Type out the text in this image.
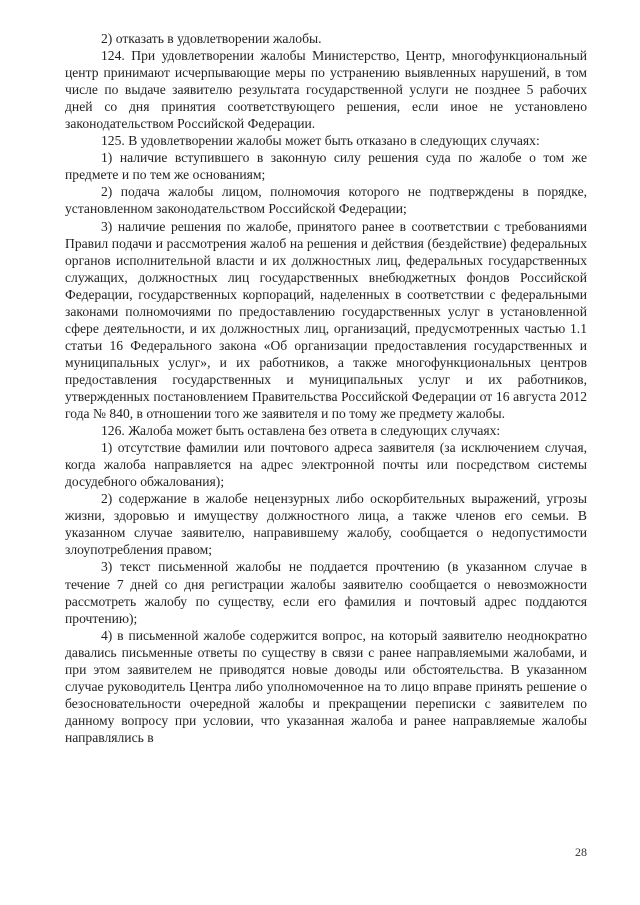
2) отказать в удовлетворении жалобы.

124. При удовлетворении жалобы Министерство, Центр, многофункциональный центр принимают исчерпывающие меры по устранению выявленных нарушений, в том числе по выдаче заявителю результата государственной услуги не позднее 5 рабочих дней со дня принятия соответствующего решения, если иное не установлено законодательством Российской Федерации.

125. В удовлетворении жалобы может быть отказано в следующих случаях:

1) наличие вступившего в законную силу решения суда по жалобе о том же предмете и по тем же основаниям;

2) подача жалобы лицом, полномочия которого не подтверждены в порядке, установленном законодательством Российской Федерации;

3) наличие решения по жалобе, принятого ранее в соответствии с требованиями Правил подачи и рассмотрения жалоб на решения и действия (бездействие) федеральных органов исполнительной власти и их должностных лиц, федеральных государственных служащих, должностных лиц государственных внебюджетных фондов Российской Федерации, государственных корпораций, наделенных в соответствии с федеральными законами полномочиями по предоставлению государственных услуг в установленной сфере деятельности, и их должностных лиц, организаций, предусмотренных частью 1.1 статьи 16 Федерального закона «Об организации предоставления государственных и муниципальных услуг», и их работников, а также многофункциональных центров предоставления государственных и муниципальных услуг и их работников, утвержденных постановлением Правительства Российской Федерации от 16 августа 2012 года № 840, в отношении того же заявителя и по тому же предмету жалобы.

126. Жалоба может быть оставлена без ответа в следующих случаях:

1) отсутствие фамилии или почтового адреса заявителя (за исключением случая, когда жалоба направляется на адрес электронной почты или посредством системы досудебного обжалования);

2) содержание в жалобе нецензурных либо оскорбительных выражений, угрозы жизни, здоровью и имуществу должностного лица, а также членов его семьи. В указанном случае заявителю, направившему жалобу, сообщается о недопустимости злоупотребления правом;

3) текст письменной жалобы не поддается прочтению (в указанном случае в течение 7 дней со дня регистрации жалобы заявителю сообщается о невозможности рассмотреть жалобу по существу, если его фамилия и почтовый адрес поддаются прочтению);

4) в письменной жалобе содержится вопрос, на который заявителю неоднократно давались письменные ответы по существу в связи с ранее направляемыми жалобами, и при этом заявителем не приводятся новые доводы или обстоятельства. В указанном случае руководитель Центра либо уполномоченное на то лицо вправе принять решение о безосновательности очередной жалобы и прекращении переписки с заявителем по данному вопросу при условии, что указанная жалоба и ранее направляемые жалобы направлялись в

28
